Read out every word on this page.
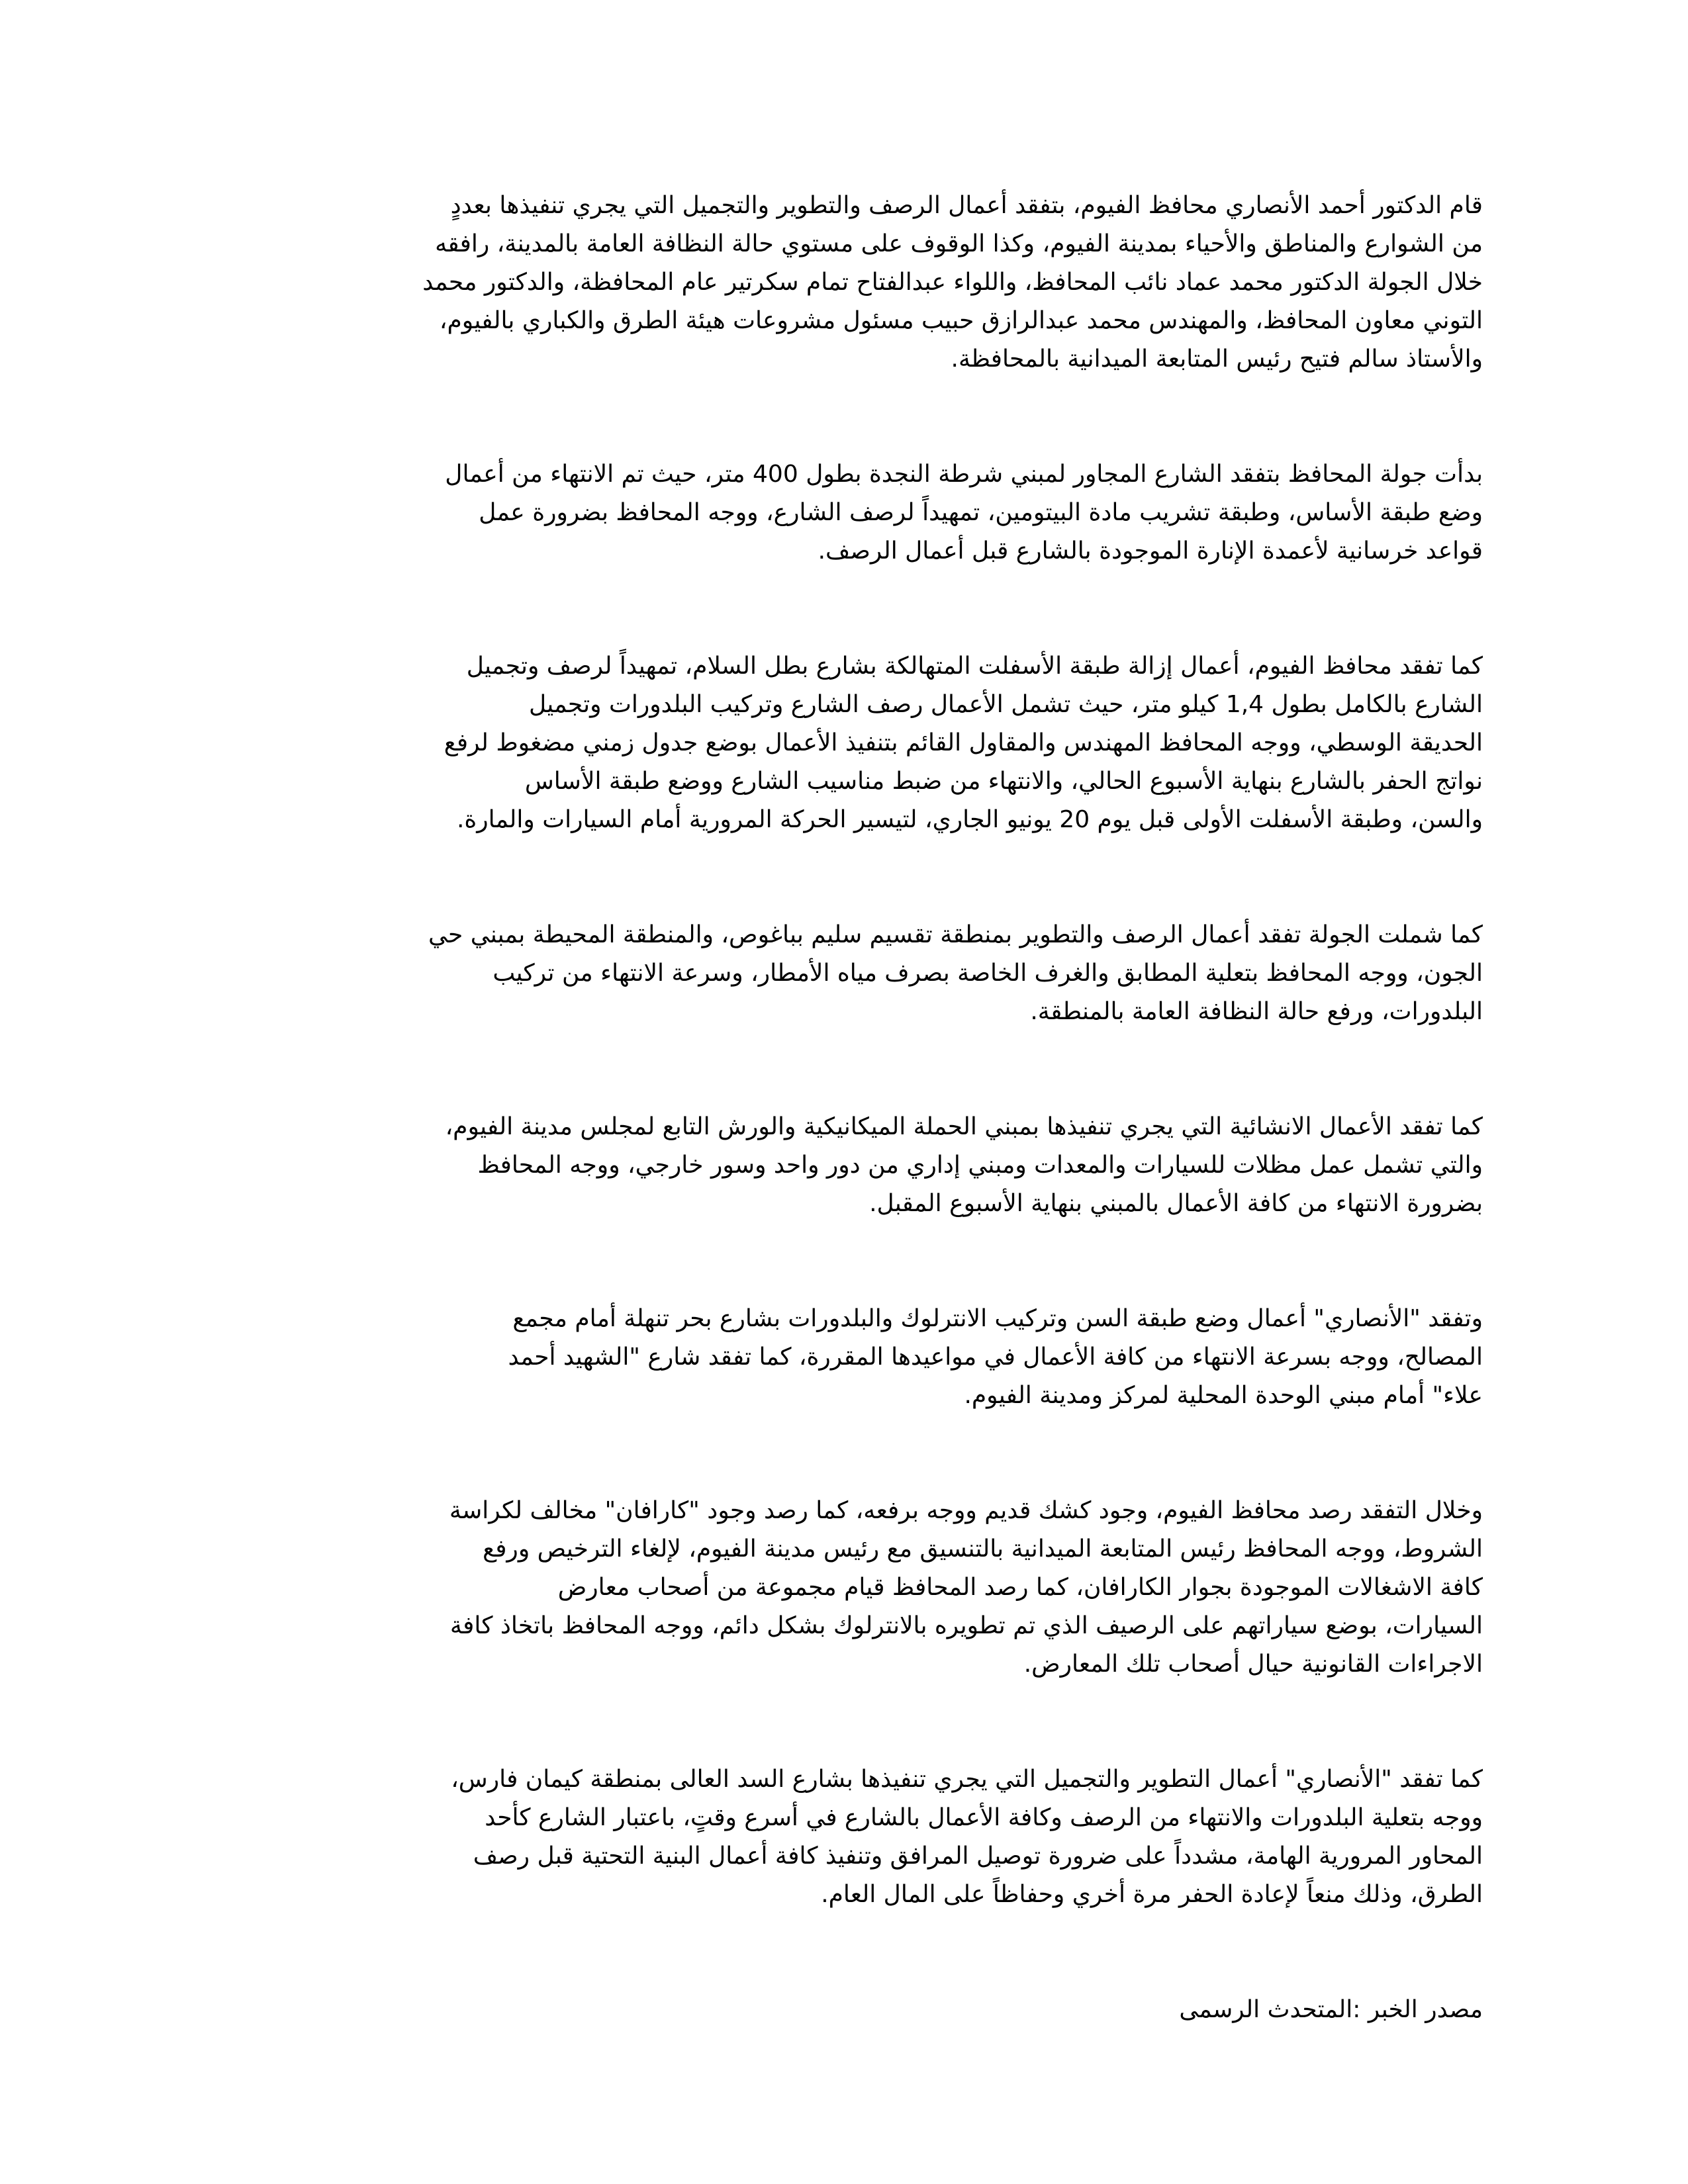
قام الدكتور أحمد الأنصاري محافظ الفيوم، بتفقد أعمال الرصف والتطوير والتجميل التي يجري تنفيذها بعددٍ
من الشوارع والمناطق والأحياء بمدينة الفيوم، وكذا الوقوف على مستوي حالة النظافة العامة بالمدينة، رافقه
خلال الجولة الدكتور محمد عماد نائب المحافظ، واللواء عبدالفتاح تمام سكرتير عام المحافظة، والدكتور محمد
التوني معاون المحافظ، والمهندس محمد عبدالرازق حبيب مسئول مشروعات هيئة الطرق والكباري بالفيوم،
والأستاذ سالم فتيح رئيس المتابعة الميدانية بالمحافظة.
بدأت جولة المحافظ بتفقد الشارع المجاور لمبني شرطة النجدة بطول 400 متر، حيث تم الانتهاء من أعمال
وضع طبقة الأساس، وطبقة تشريب مادة البيتومين، تمهيداً لرصف الشارع، ووجه المحافظ بضرورة عمل
قواعد خرسانية لأعمدة الإنارة الموجودة بالشارع قبل أعمال الرصف.
كما تفقد محافظ الفيوم، أعمال إزالة طبقة الأسفلت المتهالكة بشارع بطل السلام، تمهيداً لرصف وتجميل
الشارع بالكامل بطول 1,4 كيلو متر، حيث تشمل الأعمال رصف الشارع وتركيب البلدورات وتجميل
الحديقة الوسطي، ووجه المحافظ المهندس والمقاول القائم بتنفيذ الأعمال بوضع جدول زمني مضغوط لرفع
نواتج الحفر بالشارع بنهاية الأسبوع الحالي، والانتهاء من ضبط مناسيب الشارع ووضع طبقة الأساس
والسن، وطبقة الأسفلت الأولى قبل يوم 20 يونيو الجاري، لتيسير الحركة المرورية أمام السيارات والمارة.
كما شملت الجولة تفقد أعمال الرصف والتطوير بمنطقة تقسيم سليم بباغوص، والمنطقة المحيطة بمبني حي
الجون، ووجه المحافظ بتعلية المطابق والغرف الخاصة بصرف مياه الأمطار، وسرعة الانتهاء من تركيب
البلدورات، ورفع حالة النظافة العامة بالمنطقة.
كما تفقد الأعمال الانشائية التي يجري تنفيذها بمبني الحملة الميكانيكية والورش التابع لمجلس مدينة الفيوم،
والتي تشمل عمل مظلات للسيارات والمعدات ومبني إداري من دور واحد وسور خارجي، ووجه المحافظ
بضرورة الانتهاء من كافة الأعمال بالمبني بنهاية الأسبوع المقبل.
وتفقد "الأنصاري" أعمال وضع طبقة السن وتركيب الانترلوك والبلدورات بشارع بحر تنهلة أمام مجمع
المصالح، ووجه بسرعة الانتهاء من كافة الأعمال في مواعيدها المقررة، كما تفقد شارع "الشهيد أحمد
علاء" أمام مبني الوحدة المحلية لمركز ومدينة الفيوم.
وخلال التفقد رصد محافظ الفيوم، وجود كشك قديم ووجه برفعه، كما رصد وجود "كارافان" مخالف لكراسة
الشروط، ووجه المحافظ رئيس المتابعة الميدانية بالتنسيق مع رئيس مدينة الفيوم، لإلغاء الترخيص ورفع
كافة الاشغالات الموجودة بجوار الكارافان، كما رصد المحافظ قيام مجموعة من أصحاب معارض
السيارات، بوضع سياراتهم على الرصيف الذي تم تطويره بالانترلوك بشكل دائم، ووجه المحافظ باتخاذ كافة
الاجراءات القانونية حيال أصحاب تلك المعارض.
كما تفقد "الأنصاري" أعمال التطوير والتجميل التي يجري تنفيذها بشارع السد العالى بمنطقة كيمان فارس،
ووجه بتعلية البلدورات والانتهاء من الرصف وكافة الأعمال بالشارع في أسرع وقتٍ، باعتبار الشارع كأحد
المحاور المرورية الهامة، مشدداً على ضرورة توصيل المرافق وتنفيذ كافة أعمال البنية التحتية قبل رصف
الطرق، وذلك منعاً لإعادة الحفر مرة أخري وحفاظاً على المال العام.
مصدر الخبر :المتحدث الرسمى
